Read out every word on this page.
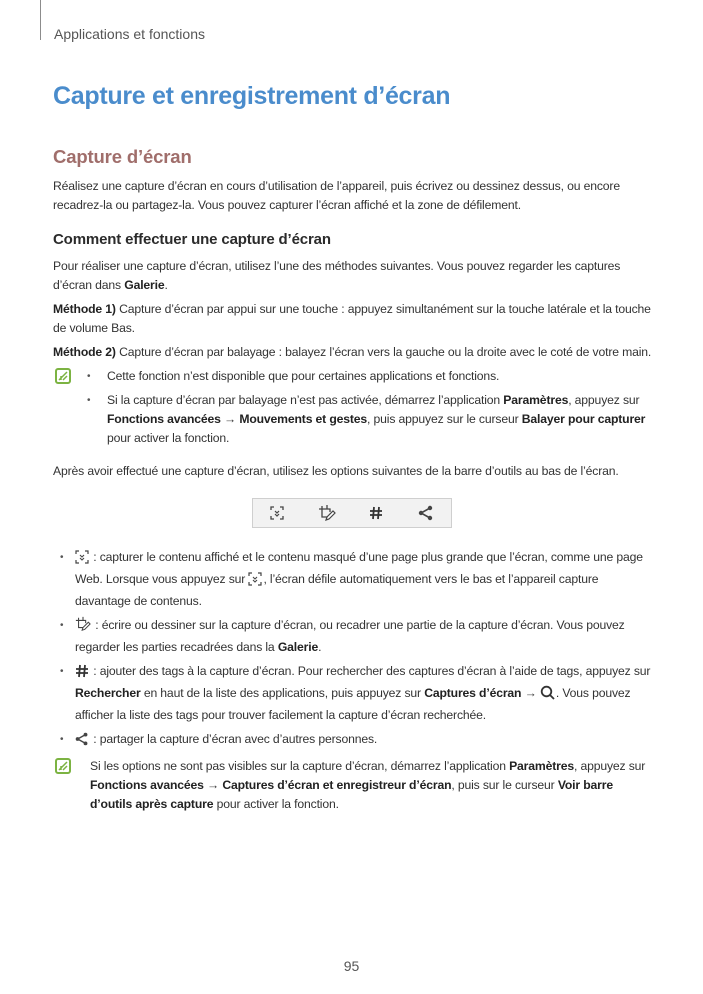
Applications et fonctions
Capture et enregistrement d’écran
Capture d’écran

Réalisez une capture d’écran en cours d’utilisation de l’appareil, puis écrivez ou dessinez dessus, ou encore recadrez-la ou partagez-la. Vous pouvez capturer l’écran affiché et la zone de défilement.

Comment effectuer une capture d’écran

Pour réaliser une capture d’écran, utilisez l’une des méthodes suivantes. Vous pouvez regarder les captures d’écran dans Galerie.

Méthode 1) Capture d’écran par appui sur une touche : appuyez simultanément sur la touche latérale et la touche de volume Bas.

Méthode 2) Capture d’écran par balayage : balayez l’écran vers la gauche ou la droite avec le coté de votre main.

• Cette fonction n’est disponible que pour certaines applications et fonctions.
• Si la capture d’écran par balayage n’est pas activée, démarrez l’application Paramètres, appuyez sur Fonctions avancées → Mouvements et gestes, puis appuyez sur le curseur Balayer pour capturer pour activer la fonction.

Après avoir effectué une capture d’écran, utilisez les options suivantes de la barre d’outils au bas de l’écran.

• : capturer le contenu affiché et le contenu masqué d’une page plus grande que l’écran, comme une page Web. Lorsque vous appuyez sur , l’écran défile automatiquement vers le bas et l’appareil capture davantage de contenus.
• : écrire ou dessiner sur la capture d’écran, ou recadrer une partie de la capture d’écran. Vous pouvez regarder les parties recadrées dans la Galerie.
• : ajouter des tags à la capture d’écran. Pour rechercher des captures d’écran à l’aide de tags, appuyez sur Rechercher en haut de la liste des applications, puis appuyez sur Captures d’écran → . Vous pouvez afficher la liste des tags pour trouver facilement la capture d’écran recherchée.
• : partager la capture d’écran avec d’autres personnes.

Si les options ne sont pas visibles sur la capture d’écran, démarrez l’application Paramètres, appuyez sur Fonctions avancées → Captures d’écran et enregistreur d’écran, puis sur le curseur Voir barre d’outils après capture pour activer la fonction.

95
